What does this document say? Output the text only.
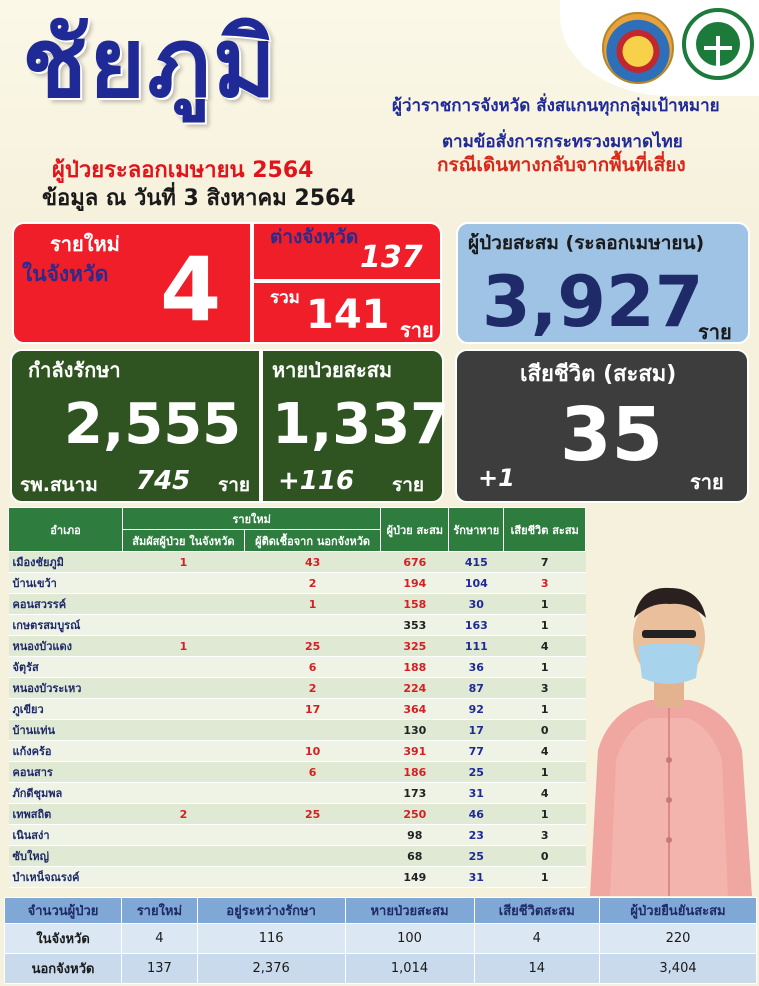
ชัยภูมิ
ผู้ป่วยระลอกเมษายน 2564
ข้อมูล ณ วันที่ 3 สิงหาคม 2564
ผู้ว่าราชการจังหวัด สั่งสแกนทุกกลุ่มเป้าหมาย
ตามข้อสั่งการกระทรวงมหาดไทย
กรณีเดินทางกลับจากพื้นที่เสี่ยง
รายใหม่
ในจังหวัด 4
ต่างจังหวัด
137
รวม 141 ราย
ผู้ป่วยสะสม (ระลอกเมษายน)
3,927
ราย
กำลังรักษา
2,555
รพ.สนาม 745 ราย
หายป่วยสะสม
1,337
+116 ราย
เสียชีวิต (สะสม)
35
+1	ราย
อำเภอ	รายใหม่		ผู้ป่วย สะสม	รักษาหาย	เสียชีวิต สะสม
	สัมผัสผู้ป่วย ในจังหวัด	ผู้ติดเชื้อจาก นอกจังหวัด			
เมืองชัยภูมิ	1	43	676	415	7
บ้านเขว้า		2	194	104	3
คอนสวรรค์		1	158	30	1
เกษตรสมบูรณ์			353	163	1
หนองบัวแดง	1	25	325	111	4
จัตุรัส		6	188	36	1
หนองบัวระเหว		2	224	87	3
ภูเขียว		17	364	92	1
บ้านแท่น			130	17	0
แก้งคร้อ		10	391	77	4
คอนสาร		6	186	25	1
ภักดีชุมพล			173	31	4
เทพสถิต	2	25	250	46	1
เนินสง่า			98	23	3
ซับใหญ่			68	25	0
บำเหน็จณรงค์			149	31	1
จำนวนผู้ป่วย	รายใหม่	อยู่ระหว่างรักษา	หายป่วยสะสม	เสียชีวิตสะสม	ผู้ป่วยยืนยันสะสม
ในจังหวัด	4	116	100	4	220
นอกจังหวัด	137	2,376	1,014	14	3,404
